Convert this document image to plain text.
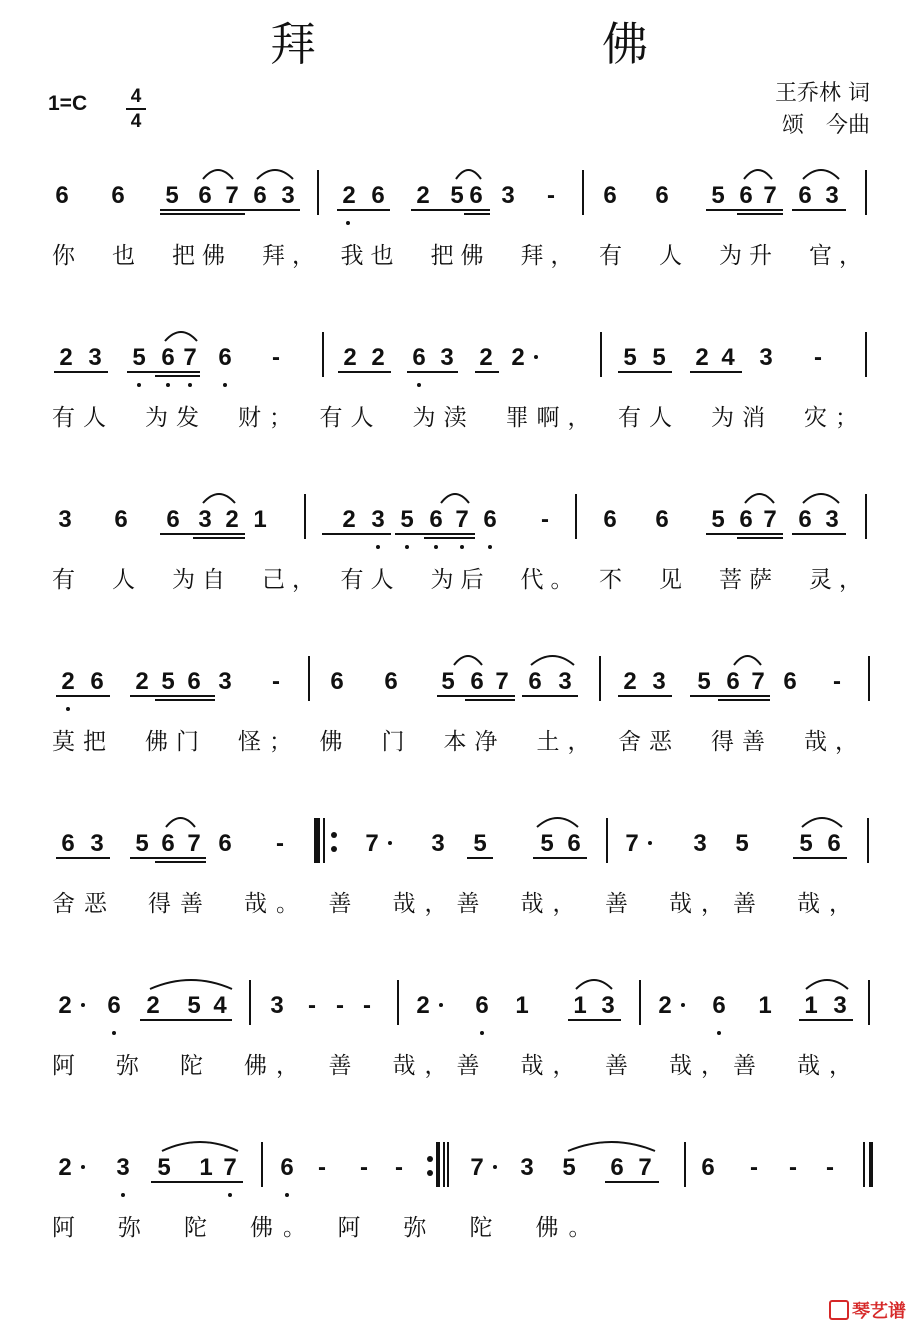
拜　佛
1=C 4
4
王乔林 词
颂　今曲
6 6 5 6 7 6 3 2 6 2 5 6 3 - 6 6 5 6 7 6 3
你　也　把佛　拜，　我也　把佛　拜，　有　人　为升　官，
2 3 5 6 7 6 -	2 2 6 3 2 2	5 5 2 4 3 -
有人　为发　财；　有人　为渎　罪啊，　有人　为消　灾；
3 6 6 3 2 1	2 3 5 6 7 6 - 6 6 5 6 7 6 3
有　人　为自　己，　有人　为后　代。　不　见　菩萨　灵，
2 6 2 5 6 3 - 6 6 5 6 7 6 3 2 3 5 6 7 6 -
莫把　佛门　怪；　佛　门　本净　土，　舍恶　得善　哉，
6 3 5 6 7 6 -	7 3 5 5 6 7 3 5 5 6
舍恶　得善　哉。　善　哉，善　哉，　善　哉，善　哉，
2 6 2 5 4 3 - - - 2 6 1 1 3 2 6 1 1 3
阿　弥　陀　佛，　善　哉，善　哉，　善　哉，善　哉，
2 3 5 1 7 6 - - -	7 3 5 6 7 6 - - -
阿　弥　陀　佛。　阿　弥　陀　佛。
琴艺谱
